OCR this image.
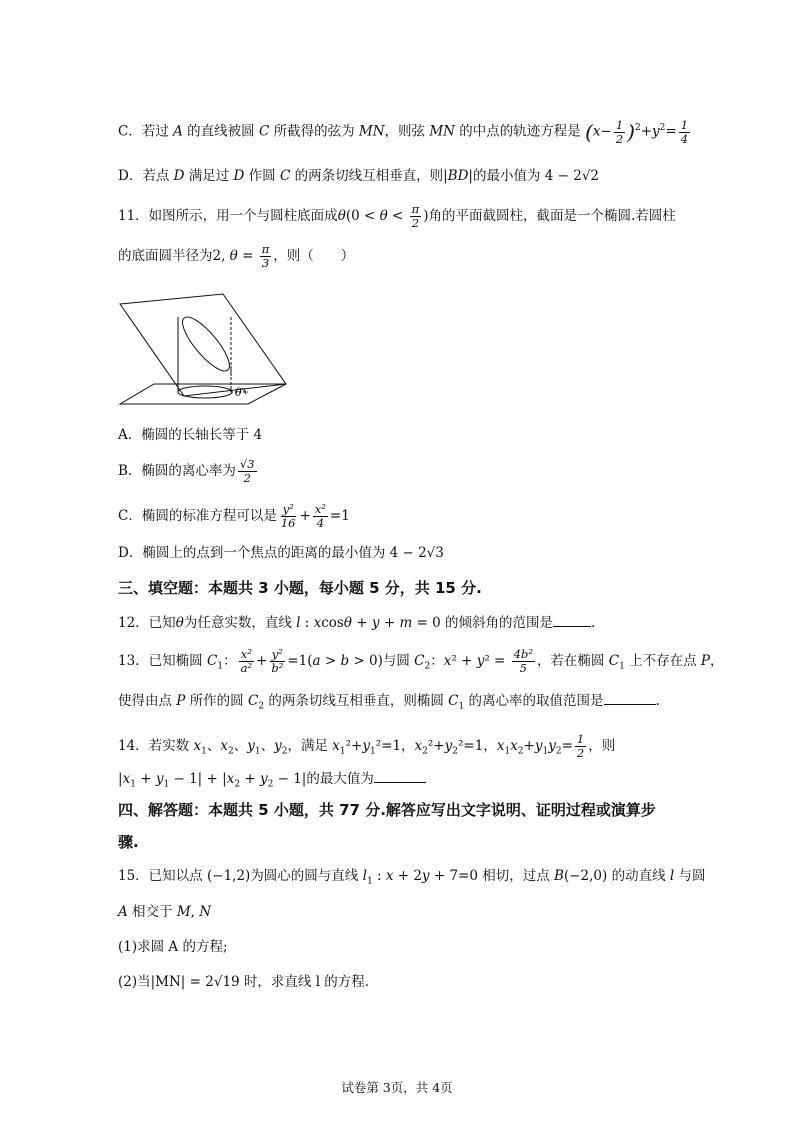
C．若过 A 的直线被圆 C 所截得的弦为 MN，则弦 MN 的中点的轨迹方程是 $(x- \frac{1}{2} )^2+y^2= \frac{1}{4}$
D．若点 D 满足过 D 作圆 C 的两条切线互相垂直，则|BD|的最小值为 4 − 2√2
11．如图所示，用一个与圆柱底面成$\theta(0 < \theta < \frac{\pi}{2}$ )角的平面截圆柱，截面是一个椭圆.若圆柱
的底面圆半径为2, $\theta = \frac{\pi}{3}$ ，则（　　）
θ
A．椭圆的长轴长等于 4
B．椭圆的离心率为 $\frac{√3}{2}$
C．椭圆的标准方程可以是 $\frac{\text{y²}}{16} + \frac{\text{x²}}{4} =1$
D．椭圆上的点到一个焦点的距离的最小值为 4 − 2√3
三、填空题：本题共 3 小题，每小题 5 分，共 15 分.
12．已知θ为任意实数，直线 l : xcosθ + y + m = 0 的倾斜角的范围是	.
13．已知椭圆 $C_1$： $\frac{\text{x²}}{\text{a²}} + \frac{\text{y²}}{\text{b²}} =1(a > b > 0)$与圆 $C_2$：$x^2 + y^2 = \frac{\text{4b²}}{5}$ ，若在椭圆 $C_1$ 上不存在点 P，
使得由点 P 所作的圆 $C_2$ 的两条切线互相垂直，则椭圆 $C_1$ 的离心率的取值范围是	.
14．若实数 $x_1$、$x_2$、$y_1$、$y_2$，满足 $x_1^2+y_1^2=1$，$x_2^2+y_2^2=1$，$x_1x_2+y_1y_2= \frac{1}{2}$ ，则
$|x_1 + y_1 - 1| + |x_2 + y_2 - 1|$的最大值为
四、解答题：本题共 5 小题，共 77 分.解答应写出文字说明、证明过程或演算步
骤.
15．已知以点 (−1,2)为圆心的圆与直线 $l_1$ : x + 2y + 7=0 相切，过点 B(−2,0) 的动直线 l 与圆
A 相交于 M, N
(1)求圆 A 的方程;
(2)当|MN| = 2√19 时，求直线 l 的方程.
试卷第 3页，共 4页
